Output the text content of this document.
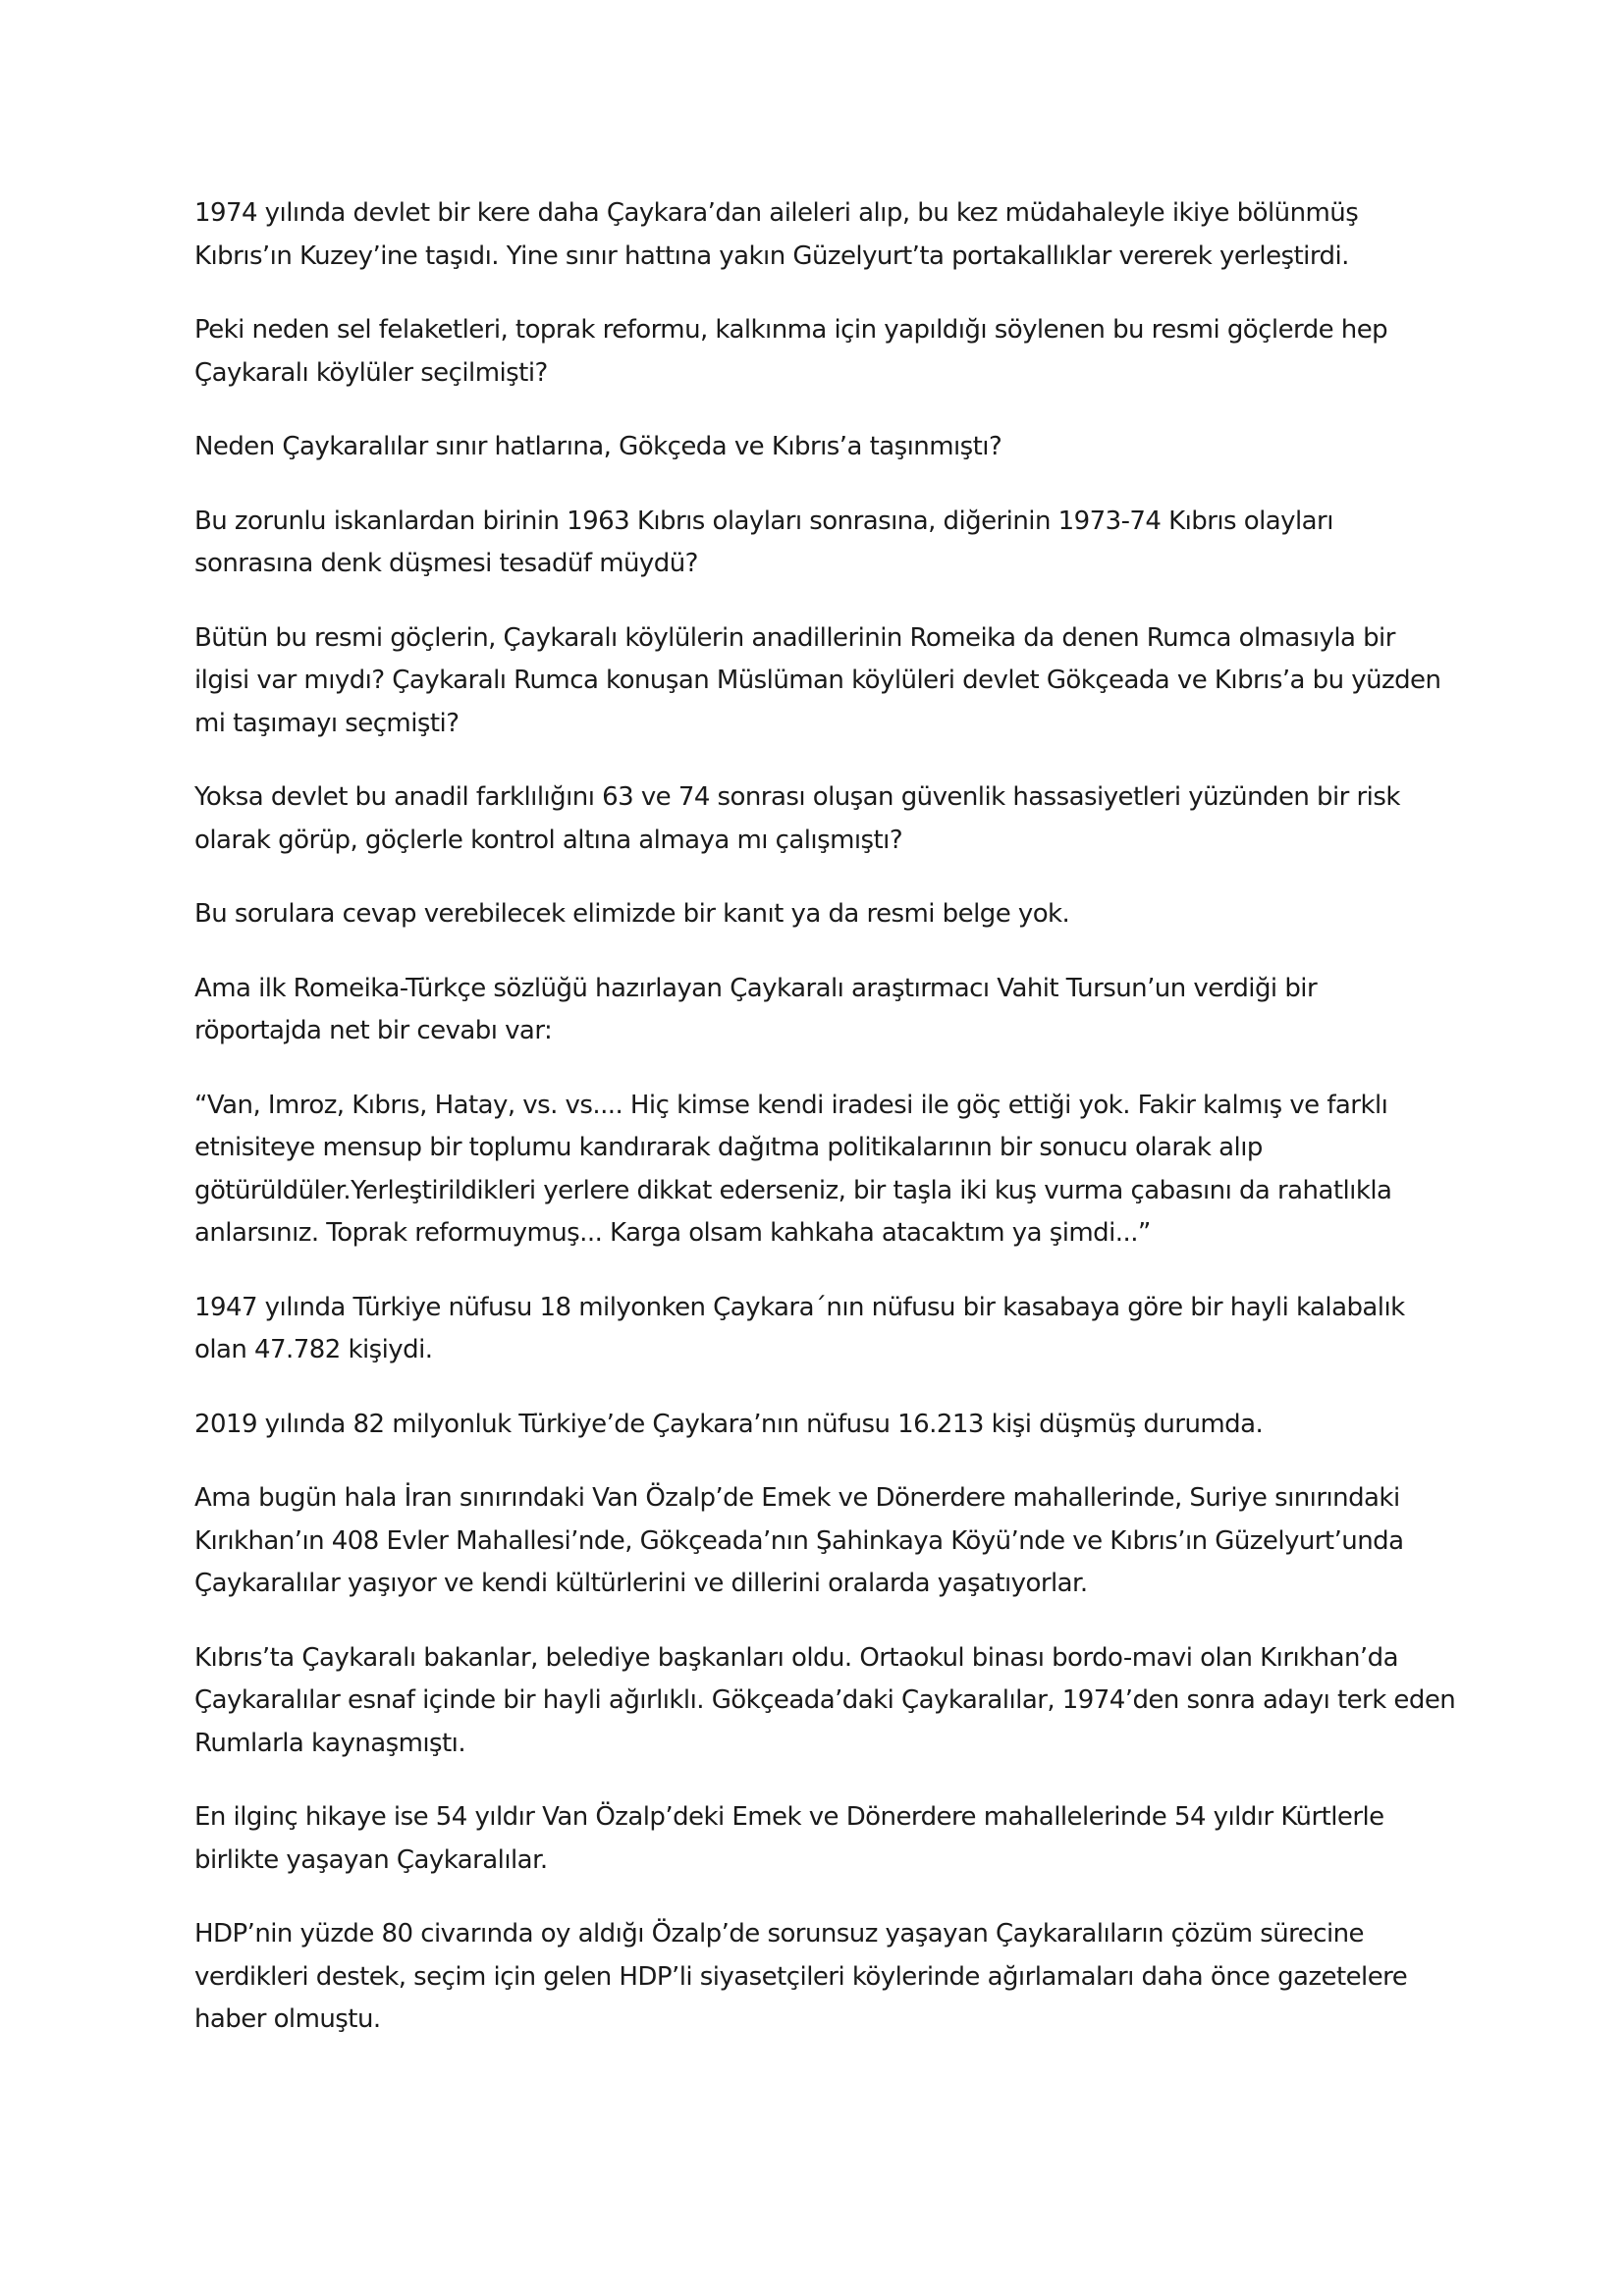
1974 yılında devlet bir kere daha Çaykara’dan aileleri alıp, bu kez müdahaleyle ikiye bölünmüş
Kıbrıs’ın Kuzey’ine taşıdı. Yine sınır hattına yakın Güzelyurt’ta portakallıklar vererek yerleştirdi.

Peki neden sel felaketleri, toprak reformu, kalkınma için yapıldığı söylenen bu resmi göçlerde hep
Çaykaralı köylüler seçilmişti?

Neden Çaykaralılar sınır hatlarına, Gökçeda ve Kıbrıs’a taşınmıştı?

Bu zorunlu iskanlardan birinin 1963 Kıbrıs olayları sonrasına, diğerinin 1973-74 Kıbrıs olayları
sonrasına denk düşmesi tesadüf müydü?

Bütün bu resmi göçlerin, Çaykaralı köylülerin anadillerinin Romeika da denen Rumca olmasıyla bir
ilgisi var mıydı? Çaykaralı Rumca konuşan Müslüman köylüleri devlet Gökçeada ve Kıbrıs’a bu yüzden
mi taşımayı seçmişti?

Yoksa devlet bu anadil farklılığını 63 ve 74 sonrası oluşan güvenlik hassasiyetleri yüzünden bir risk
olarak görüp, göçlerle kontrol altına almaya mı çalışmıştı?

Bu sorulara cevap verebilecek elimizde bir kanıt ya da resmi belge yok.

Ama ilk Romeika-Türkçe sözlüğü hazırlayan Çaykaralı araştırmacı Vahit Tursun’un verdiği bir
röportajda net bir cevabı var:

“Van, Imroz, Kıbrıs, Hatay, vs. vs.... Hiç kimse kendi iradesi ile göç ettiği yok. Fakir kalmış ve farklı
etnisiteye mensup bir toplumu kandırarak dağıtma politikalarının bir sonucu olarak alıp
götürüldüler.Yerleştirildikleri yerlere dikkat ederseniz, bir taşla iki kuş vurma çabasını da rahatlıkla
anlarsınız. Toprak reformuymuş... Karga olsam kahkaha atacaktım ya şimdi...”

1947 yılında Türkiye nüfusu 18 milyonken Çaykara´nın nüfusu bir kasabaya göre bir hayli kalabalık
olan 47.782 kişiydi.

2019 yılında 82 milyonluk Türkiye’de Çaykara’nın nüfusu 16.213 kişi düşmüş durumda.

Ama bugün hala İran sınırındaki Van Özalp’de Emek ve Dönerdere mahallerinde, Suriye sınırındaki
Kırıkhan’ın 408 Evler Mahallesi’nde, Gökçeada’nın Şahinkaya Köyü’nde ve Kıbrıs’ın Güzelyurt’unda
Çaykaralılar yaşıyor ve kendi kültürlerini ve dillerini oralarda yaşatıyorlar.

Kıbrıs’ta Çaykaralı bakanlar, belediye başkanları oldu. Ortaokul binası bordo-mavi olan Kırıkhan’da
Çaykaralılar esnaf içinde bir hayli ağırlıklı. Gökçeada’daki Çaykaralılar, 1974’den sonra adayı terk eden
Rumlarla kaynaşmıştı.

En ilginç hikaye ise 54 yıldır Van Özalp’deki Emek ve Dönerdere mahallelerinde 54 yıldır Kürtlerle
birlikte yaşayan Çaykaralılar.

HDP’nin yüzde 80 civarında oy aldığı Özalp’de sorunsuz yaşayan Çaykaralıların çözüm sürecine
verdikleri destek, seçim için gelen HDP’li siyasetçileri köylerinde ağırlamaları daha önce gazetelere
haber olmuştu.
